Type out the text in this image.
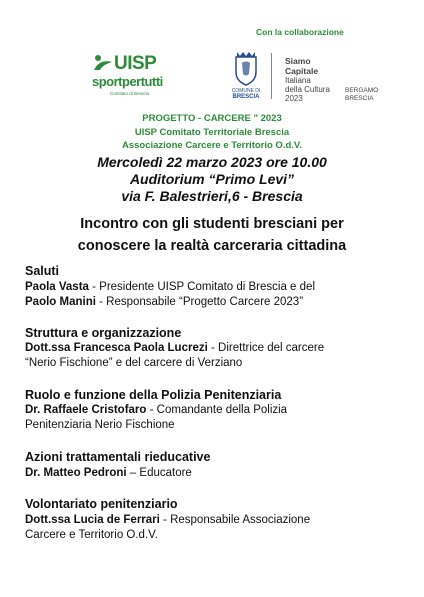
Con la collaborazione
UISP
sportpertutti
Comitato di Brescia	COMUNE DI
BRESCIA
Siamo
Capitale
Italiana
della Cultura
2023
BERGAMO
BRESCIA
PROGETTO - CARCERE " 2023
UISP Comitato Territoriale Brescia
Associazione Carcere e Territorio O.d.V.
Mercoledì 22 marzo 2023 ore 10.00
Auditorium “Primo Levi”
via F. Balestrieri,6 - Brescia
Incontro con gli studenti bresciani per
conoscere la realtà carceraria cittadina
Saluti
Paola Vasta - Presidente UISP Comitato di Brescia e del
Paolo Manini - Responsabile “Progetto Carcere 2023”
Struttura e organizzazione
Dott.ssa Francesca Paola Lucrezi - Direttrice del carcere
“Nerio Fischione” e del carcere di Verziano
Ruolo e funzione della Polizia Penitenziaria
Dr. Raffaele Cristofaro - Comandante della Polizia
Penitenziaria Nerio Fischione
Azioni trattamentali rieducative
Dr. Matteo Pedroni – Educatore
Volontariato penitenziario
Dott.ssa Lucia de Ferrari - Responsabile Associazione
Carcere e Territorio O.d.V.
